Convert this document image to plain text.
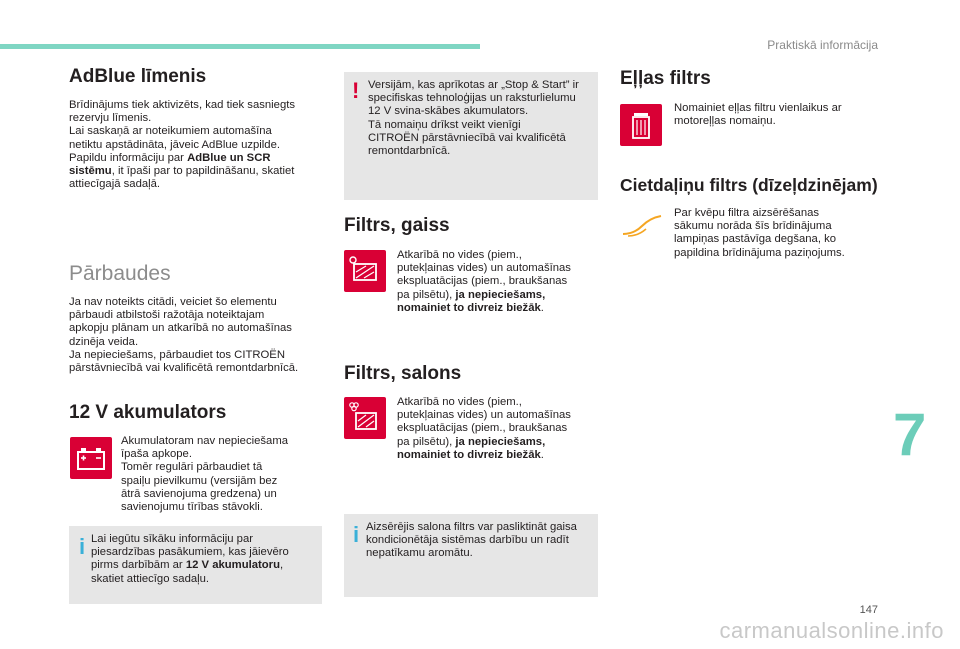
Praktiskā informācija
AdBlue līmenis

Brīdinājums tiek aktivizēts, kad tiek sasniegts
rezervju līmenis.
Lai saskaņā ar noteikumiem automašīna
netiktu apstādināta, jāveic AdBlue uzpilde.
Papildu informāciju par AdBlue un SCR
sistēmu, it īpaši par to papildināšanu, skatiet
attiecīgajā sadaļā.

Pārbaudes

Ja nav noteikts citādi, veiciet šo elementu
pārbaudi atbilstoši ražotāja noteiktajam
apkopju plānam un atkarībā no automašīnas
dzinēja veida.
Ja nepieciešams, pārbaudiet tos CITROËN
pārstāvniecībā vai kvalificētā remontdarbnīcā.

12 V akumulators

Akumulatoram nav nepieciešama
īpaša apkope.
Tomēr regulāri pārbaudiet tā
spaiļu pievilkumu (versijām bez
ātrā savienojuma gredzena) un
savienojumu tīrības stāvokli.

i Lai iegūtu sīkāku informāciju par
piesardzības pasākumiem, kas jāievēro
pirms darbībām ar 12 V akumulatoru,
skatiet attiecīgo sadaļu.

! Versijām, kas aprīkotas ar „Stop & Start” ir
specifiskas tehnoloģijas un raksturlielumu
12 V svina-skābes akumulators.
Tā nomaiņu drīkst veikt vienīgi
CITROËN pārstāvniecībā vai kvalificētā
remontdarbnīcā.

Filtrs, gaiss

Atkarībā no vides (piem.,
putekļainas vides) un automašīnas
ekspluatācijas (piem., braukšanas
pa pilsētu), ja nepieciešams,
nomainiet to divreiz biežāk.

Filtrs, salons

Atkarībā no vides (piem.,
putekļainas vides) un automašīnas
ekspluatācijas (piem., braukšanas
pa pilsētu), ja nepieciešams,
nomainiet to divreiz biežāk.

i Aizsērējis salona filtrs var pasliktināt gaisa
kondicionētāja sistēmas darbību un radīt
nepatīkamu aromātu.

Eļļas filtrs

Nomainiet eļļas filtru vienlaikus ar
motoreļļas nomaiņu.

Cietdaļiņu filtrs (dīzeļdzinējam)

Par kvēpu filtra aizsērēšanas
sākumu norāda šīs brīdinājuma
lampiņas pastāvīga degšana, ko
papildina brīdinājuma paziņojums.

7
147
carmanualsonline.info
